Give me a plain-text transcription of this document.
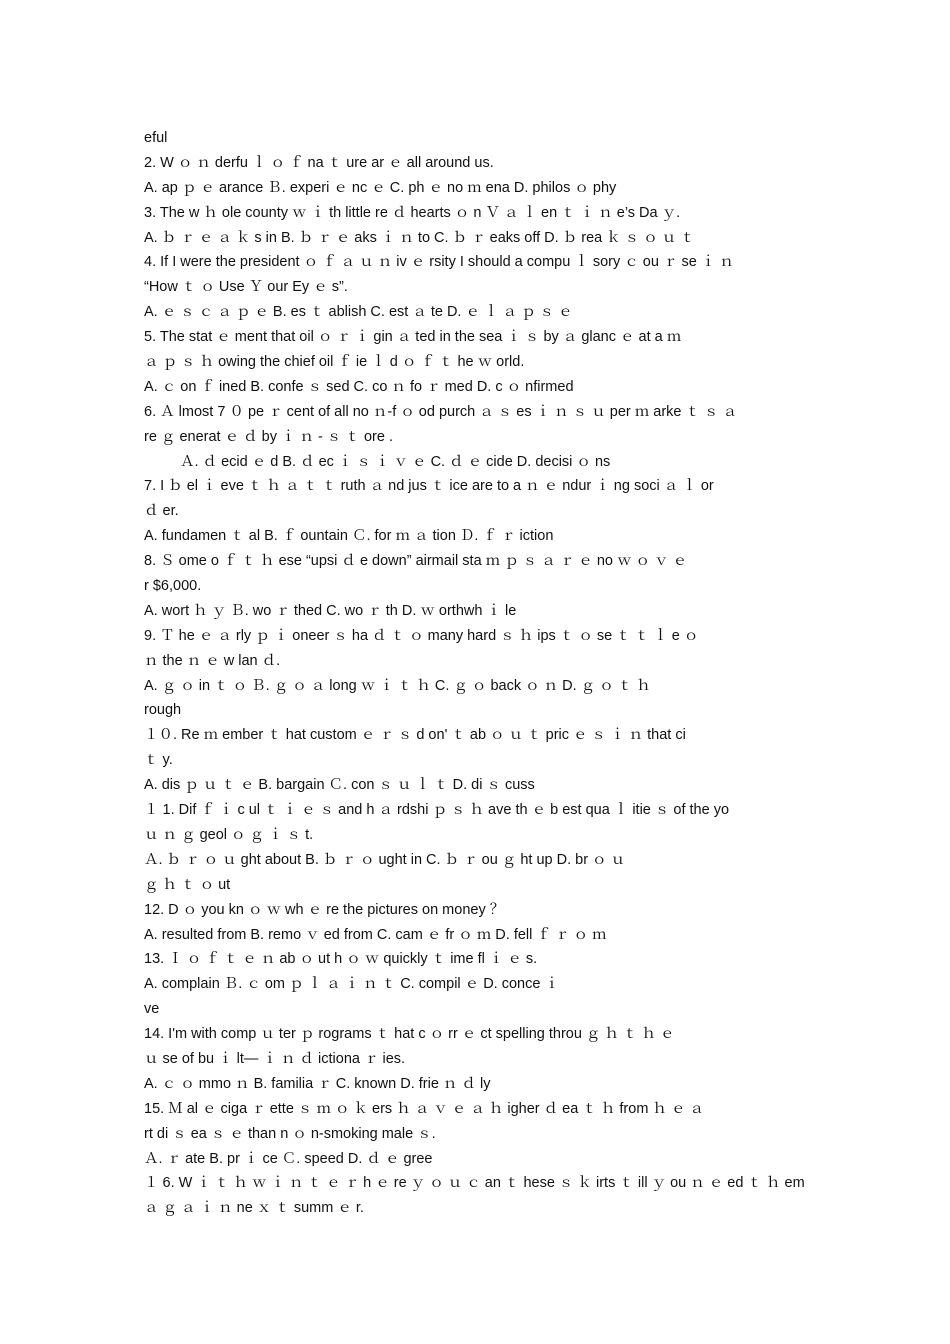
eful
2. W ｏ ｎ derfu ｌ ｏ ｆ na ｔ ure ar ｅ all around us.
A. ap ｐ ｅ arance Ｂ. experi ｅ nc ｅ C. ph ｅ no ｍ ena D. philos ｏ phy
3. The w ｈ ole county ｗ ｉ th little re ｄ hearts ｏ n Ｖ ａ ｌ en ｔ ｉ ｎ e’s Da ｙ.
A. ｂ ｒ ｅ ａ ｋ s in B. ｂ ｒ ｅ aks ｉ ｎ to C. ｂ ｒ eaks off D. ｂ rea ｋ ｓ ｏ ｕ ｔ
4. If I were the president ｏ ｆ ａ ｕ ｎ iv ｅ rsity I should a compu ｌ sory ｃ ou ｒ se ｉ ｎ
“How ｔ ｏ Use Ｙ our Ey ｅ s”.
A. ｅ ｓ ｃ ａ ｐ ｅ B. es ｔ ablish C. est ａ te D. ｅ ｌ ａ ｐ ｓ ｅ
5. The stat ｅ ment that oil ｏ ｒ ｉ gin ａ ted in the sea ｉ ｓ by ａ glanc ｅ at a ｍ
ａ ｐ ｓ ｈ owing the chief oil ｆ ie ｌ d ｏ ｆ ｔ he ｗ orld.
A. ｃ on ｆ ined B. confe ｓ sed C. co ｎ fo ｒ med D. c ｏ nfirmed
6. Ａ lmost 7 ０ pe ｒ cent of all no ｎ-f ｏ od purch ａ ｓ es ｉ ｎ ｓ ｕ per ｍ arke ｔ ｓ ａ
re ｇ enerat ｅ ｄ by ｉ ｎ - ｓ ｔ ore .
Ａ. ｄ ecid ｅ d B. ｄ ec ｉ ｓ ｉ ｖ ｅ C. ｄ ｅ cide D. decisi ｏ ns
7. I ｂ el ｉ eve ｔ ｈ ａ ｔ ｔ ruth ａ nd jus ｔ ice are to a ｎ ｅ ndur ｉ ng soci ａ ｌ or
ｄ er.
A. fundamen ｔ al B. ｆ ountain Ｃ. for ｍ ａ tion Ｄ. ｆ ｒ iction
8. Ｓ ome o ｆ ｔ ｈ ese “upsi ｄ e down” airmail sta ｍ ｐ ｓ ａ ｒ ｅ no ｗ ｏ ｖ ｅ
r $6,000.
A. wort ｈ ｙ Ｂ. wo ｒ thed C. wo ｒ th D. ｗ orthwh ｉ le
9. Ｔ he ｅ ａ rly ｐ ｉ oneer ｓ ha ｄ ｔ ｏ many hard ｓ ｈ ips ｔ ｏ se ｔ ｔ ｌ e ｏ
ｎ the ｎ ｅ w lan ｄ.
A. ｇ ｏ in ｔ ｏ Ｂ. ｇ ｏ ａ long ｗ ｉ ｔ ｈ C. ｇ ｏ back ｏ ｎ D. ｇ ｏ ｔ ｈ
rough
１０. Re ｍ ember ｔ hat custom ｅ ｒ ｓ d on' ｔ ab ｏ ｕ ｔ pric ｅ ｓ ｉ ｎ that ci
ｔ y.
A. dis ｐ ｕ ｔ ｅ B. bargain Ｃ. con ｓ ｕ ｌ ｔ D. di ｓ cuss
１ 1. Dif ｆ ｉ c ul ｔ ｉ ｅ ｓ and h ａ rdshi ｐ ｓ ｈ ave th ｅ b est qua ｌ itie ｓ of the yo
ｕ ｎ ｇ geol ｏ ｇ ｉ ｓ t.
Ａ. ｂ ｒ ｏ ｕ ght about B. ｂ ｒ ｏ ught in C. ｂ ｒ ou ｇ ht up D. br ｏ ｕ
ｇ ｈ ｔ ｏ ut
12. D ｏ you kn ｏ ｗ wh ｅ re the pictures on money ？
A. resulted from B. remo ｖ ed from C. cam ｅ fr ｏ ｍ D. fell ｆ ｒ ｏ ｍ
13. Ｉ ｏ ｆ ｔ ｅ ｎ ab ｏ ut h ｏ ｗ quickly ｔ ime fl ｉ ｅ s.
A. complain Ｂ. ｃ om ｐ ｌ ａ ｉ ｎ ｔ C. compil ｅ D. conce ｉ
ve
14. I'm with comp ｕ ter ｐ rograms ｔ hat c ｏ rr ｅ ct spelling throu ｇ ｈ ｔ ｈ ｅ
ｕ se of bu ｉ lt— ｉ ｎ ｄ ictiona ｒ ies.
A. ｃ ｏ mmo ｎ B. familia ｒ C. known D. frie ｎ ｄ ly
15. Ｍ al ｅ ciga ｒ ette ｓ ｍ ｏ ｋ ers ｈ ａ ｖ ｅ ａ ｈ igher ｄ ea ｔ ｈ from ｈ ｅ ａ
rt di ｓ ea ｓ ｅ than n ｏ n-smoking male ｓ.
Ａ. ｒ ate B. pr ｉ ce Ｃ. speed D. ｄ ｅ gree
１ 6. W ｉ ｔ ｈ ｗ ｉ ｎ ｔ ｅ ｒ h ｅ re ｙ ｏ ｕ ｃ an ｔ hese ｓ ｋ irts ｔ ill ｙ ou ｎ ｅ ed ｔ ｈ em
ａ ｇ ａ ｉ ｎ ne ｘ ｔ summ ｅ r.
